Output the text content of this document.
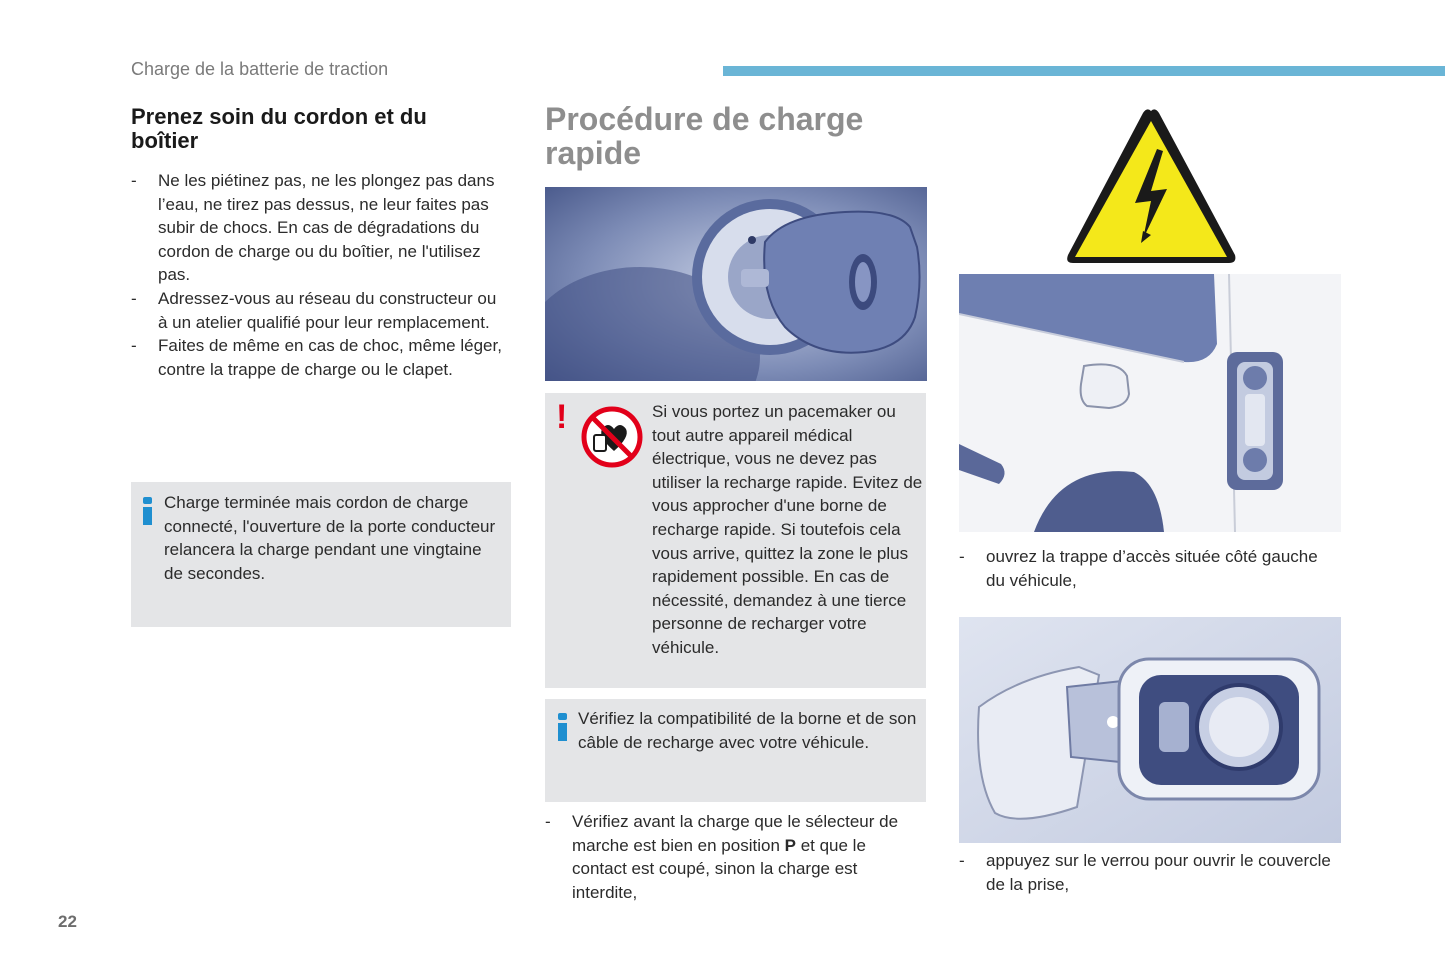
Charge de la batterie de traction
Prenez soin du cordon et du boîtier
- Ne les piétinez pas, ne les plongez pas dans l’eau, ne tirez pas dessus, ne leur faites pas subir de chocs. En cas de dégradations du cordon de charge ou du boîtier, ne l'utilisez pas.
- Adressez-vous au réseau du constructeur ou à un atelier qualifié pour leur remplacement.
- Faites de même en cas de choc, même léger, contre la trappe de charge ou le clapet.
Charge terminée mais cordon de charge connecté, l'ouverture de la porte conducteur relancera la charge pendant une vingtaine de secondes.
Procédure de charge rapide
!	Si vous portez un pacemaker ou tout autre appareil médical électrique, vous ne devez pas utiliser la recharge rapide. Evitez de vous approcher d'une borne de recharge rapide. Si toutefois cela vous arrive, quittez la zone le plus rapidement possible. En cas de nécessité, demandez à une tierce personne de recharger votre véhicule.
Vérifiez la compatibilité de la borne et de son câble de recharge avec votre véhicule.
-	Vérifiez avant la charge que le sélecteur de marche est bien en position P et que le contact est coupé, sinon la charge est interdite,
-	ouvrez la trappe d’accès située côté gauche du véhicule,
-	appuyez sur le verrou pour ouvrir le couvercle de la prise,
22
